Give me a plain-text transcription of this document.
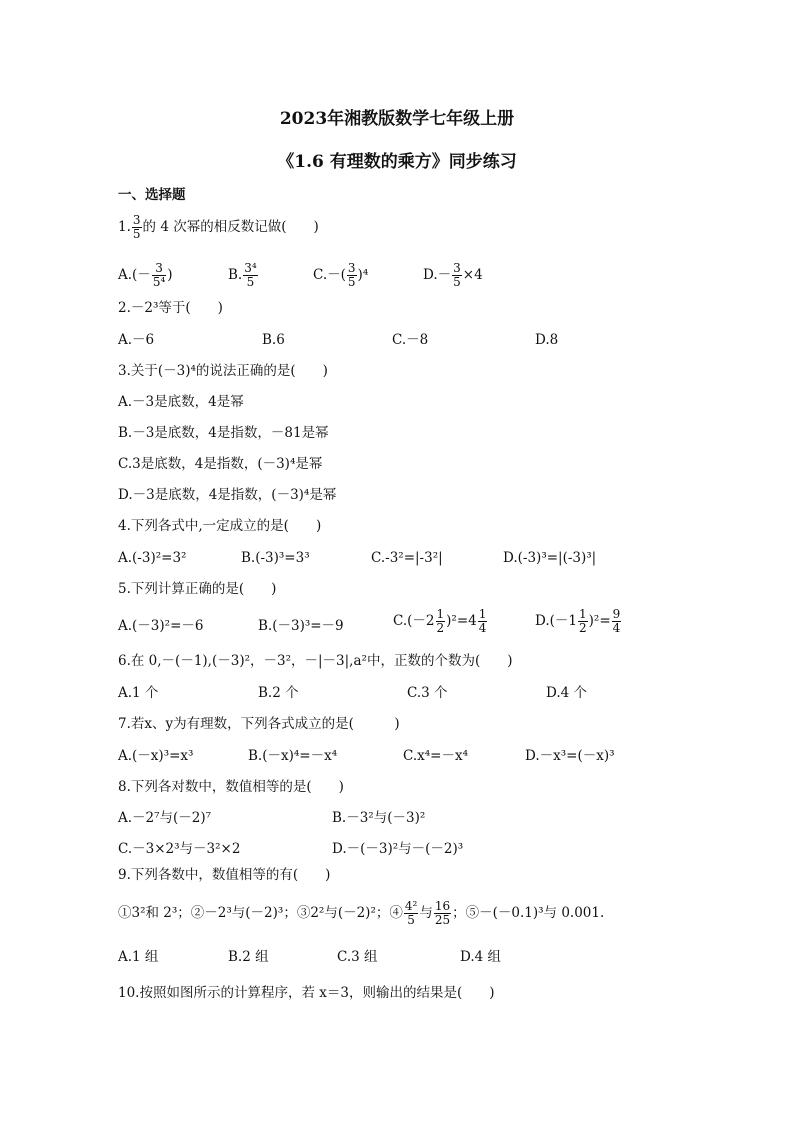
2023年湘教版数学七年级上册
《1.6 有理数的乘方》同步练习
一、选择题
1. $\frac{3}{5}$ 的 4 次幂的相反数记做(　　)
$A.(- \frac{3}{\text{5⁴}}$ )	B. $\frac{\text{3⁴}}{5}$	$C.-( \frac{3}{5} )^4$	$D.- \frac{3}{5} \times 4$
2.－2³等于(　　)
A.－6	B.6	C.－8	D.8
3.关于(－3)⁴的说法正确的是(　　)
A.－3是底数，4是幂
B.－3是底数，4是指数，－81是幂
C.3是底数，4是指数，(－3)⁴是幂
D.－3是底数，4是指数，(－3)⁴是幂
4.下列各式中,一定成立的是(　　)
A.(-3)²=3²	B.(-3)³=3³	C.-3²=|-3²|	D.(-3)³=|(-3)³|
5.下列计算正确的是(　　)
A.(－3)²=－6	B.(－3)³=－9	$C.(-2 \frac{1}{2} )^2=4 \frac{1}{4}$	$D.(-1 \frac{1}{2} )^2= \frac{9}{4}$
6.在 0,－(－1),(－3)²，－3²，－|－3|,a²中，正数的个数为(　　)
A.1 个	B.2 个	C.3 个	D.4 个
7.若x、y为有理数，下列各式成立的是(　　　)
A.(－x)³=x³	B.(－x)⁴=－x⁴	C.x⁴=－x⁴	D.－x³=(－x)³
8.下列各对数中，数值相等的是(　　)
A.－2⁷与(－2)⁷	B.－3²与(－3)²
C.－3×2³与－3²×2	D.－(－3)²与－(－2)³
9.下列各数中，数值相等的有(　　)
①3²和 2³；②－2³与(－2)³；③2²与(－2)²；④ $\frac{\text{4²}}{5}$ 与 $\frac{16}{25}$ ；⑤－(－0.1)³与 0.001.
A.1 组	B.2 组	C.3 组	D.4 组
10.按照如图所示的计算程序，若 x＝3，则输出的结果是(　　)
